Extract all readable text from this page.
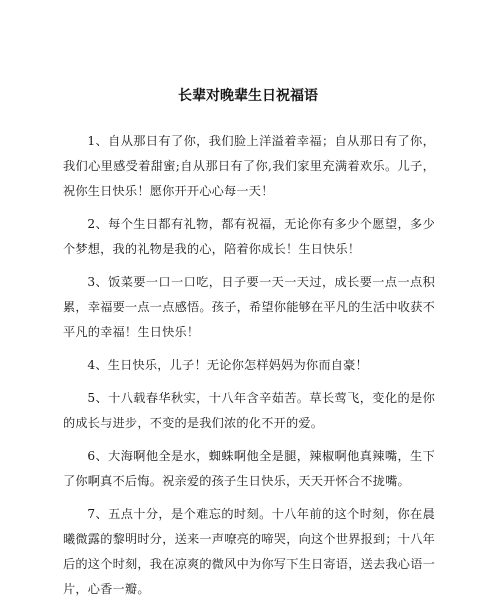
长辈对晚辈生日祝福语

1、自从那日有了你，我们脸上洋溢着幸福；自从那日有了你，我们心里感受着甜蜜;自从那日有了你,我们家里充满着欢乐。儿子，祝你生日快乐！愿你开开心心每一天！

2、每个生日都有礼物，都有祝福，无论你有多少个愿望，多少个梦想，我的礼物是我的心，陪着你成长！生日快乐！

3、饭菜要一口一口吃，日子要一天一天过，成长要一点一点积累，幸福要一点一点感悟。孩子，希望你能够在平凡的生活中收获不平凡的幸福！生日快乐！

4、生日快乐，儿子！无论你怎样妈妈为你而自豪！

5、十八载春华秋实，十八年含辛茹苦。草长莺飞，变化的是你的成长与进步，不变的是我们浓的化不开的爱。

6、大海啊他全是水，蜘蛛啊他全是腿，辣椒啊他真辣嘴，生下了你啊真不后悔。祝亲爱的孩子生日快乐，天天开怀合不拢嘴。

7、五点十分，是个难忘的时刻。十八年前的这个时刻，你在晨曦微露的黎明时分，送来一声嘹亮的啼哭，向这个世界报到；十八年后的这个时刻，我在凉爽的微风中为你写下生日寄语，送去我心语一片，心香一瓣。
